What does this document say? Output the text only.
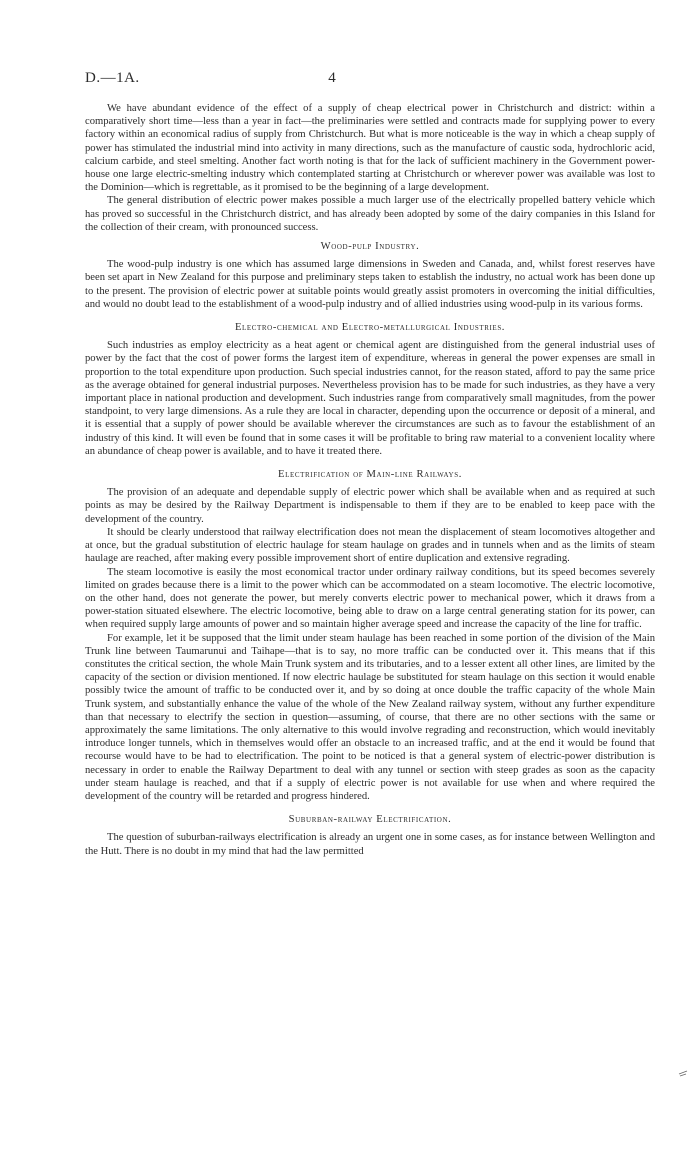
D.—1A.	4

We have abundant evidence of the effect of a supply of cheap electrical power in Christchurch and district: within a comparatively short time—less than a year in fact—the preliminaries were settled and contracts made for supplying power to every factory within an economical radius of supply from Christchurch. But what is more noticeable is the way in which a cheap supply of power has stimulated the industrial mind into activity in many directions, such as the manufacture of caustic soda, hydrochloric acid, calcium carbide, and steel smelting. Another fact worth noting is that for the lack of sufficient machinery in the Government power-house one large electric-smelting industry which contemplated starting at Christchurch or wherever power was available was lost to the Dominion—which is regrettable, as it promised to be the beginning of a large development.

The general distribution of electric power makes possible a much larger use of the electrically propelled battery vehicle which has proved so successful in the Christchurch district, and has already been adopted by some of the dairy companies in this Island for the collection of their cream, with pronounced success.

Wood-pulp Industry.

The wood-pulp industry is one which has assumed large dimensions in Sweden and Canada, and, whilst forest reserves have been set apart in New Zealand for this purpose and preliminary steps taken to establish the industry, no actual work has been done up to the present. The provision of electric power at suitable points would greatly assist promoters in overcoming the initial difficulties, and would no doubt lead to the establishment of a wood-pulp industry and of allied industries using wood-pulp in its various forms.

Electro-chemical and Electro-metallurgical Industries.

Such industries as employ electricity as a heat agent or chemical agent are distinguished from the general industrial uses of power by the fact that the cost of power forms the largest item of expenditure, whereas in general the power expenses are small in proportion to the total expenditure upon production. Such special industries cannot, for the reason stated, afford to pay the same price as the average obtained for general industrial purposes. Nevertheless provision has to be made for such industries, as they have a very important place in national production and development. Such industries range from comparatively small magnitudes, from the power standpoint, to very large dimensions. As a rule they are local in character, depending upon the occurrence or deposit of a mineral, and it is essential that a supply of power should be available wherever the circumstances are such as to favour the establishment of an industry of this kind. It will even be found that in some cases it will be profitable to bring raw material to a convenient locality where an abundance of cheap power is available, and to have it treated there.

Electrification of Main-line Railways.

The provision of an adequate and dependable supply of electric power which shall be available when and as required at such points as may be desired by the Railway Department is indispensable to them if they are to be enabled to keep pace with the development of the country.

It should be clearly understood that railway electrification does not mean the displacement of steam locomotives altogether and at once, but the gradual substitution of electric haulage for steam haulage on grades and in tunnels when and as the limits of steam haulage are reached, after making every possible improvement short of entire duplication and extensive regrading.

The steam locomotive is easily the most economical tractor under ordinary railway conditions, but its speed becomes severely limited on grades because there is a limit to the power which can be accommodated on a steam locomotive. The electric locomotive, on the other hand, does not generate the power, but merely converts electric power to mechanical power, which it draws from a power-station situated elsewhere. The electric locomotive, being able to draw on a large central generating station for its power, can when required supply large amounts of power and so maintain higher average speed and increase the capacity of the line for traffic.

For example, let it be supposed that the limit under steam haulage has been reached in some portion of the division of the Main Trunk line between Taumarunui and Taihape—that is to say, no more traffic can be conducted over it. This means that if this constitutes the critical section, the whole Main Trunk system and its tributaries, and to a lesser extent all other lines, are limited by the capacity of the section or division mentioned. If now electric haulage be substituted for steam haulage on this section it would enable possibly twice the amount of traffic to be conducted over it, and by so doing at once double the traffic capacity of the whole Main Trunk system, and substantially enhance the value of the whole of the New Zealand railway system, without any further expenditure than that necessary to electrify the section in question—assuming, of course, that there are no other sections with the same or approximately the same limitations. The only alternative to this would involve regrading and reconstruction, which would inevitably introduce longer tunnels, which in themselves would offer an obstacle to an increased traffic, and at the end it would be found that recourse would have to be had to electrification. The point to be noticed is that a general system of electric-power distribution is necessary in order to enable the Railway Department to deal with any tunnel or section with steep grades as soon as the capacity under steam haulage is reached, and that if a supply of electric power is not available for use when and where required the development of the country will be retarded and progress hindered.

Suburban-railway Electrification.

The question of suburban-railways electrification is already an urgent one in some cases, as for instance between Wellington and the Hutt. There is no doubt in my mind that had the law permitted
